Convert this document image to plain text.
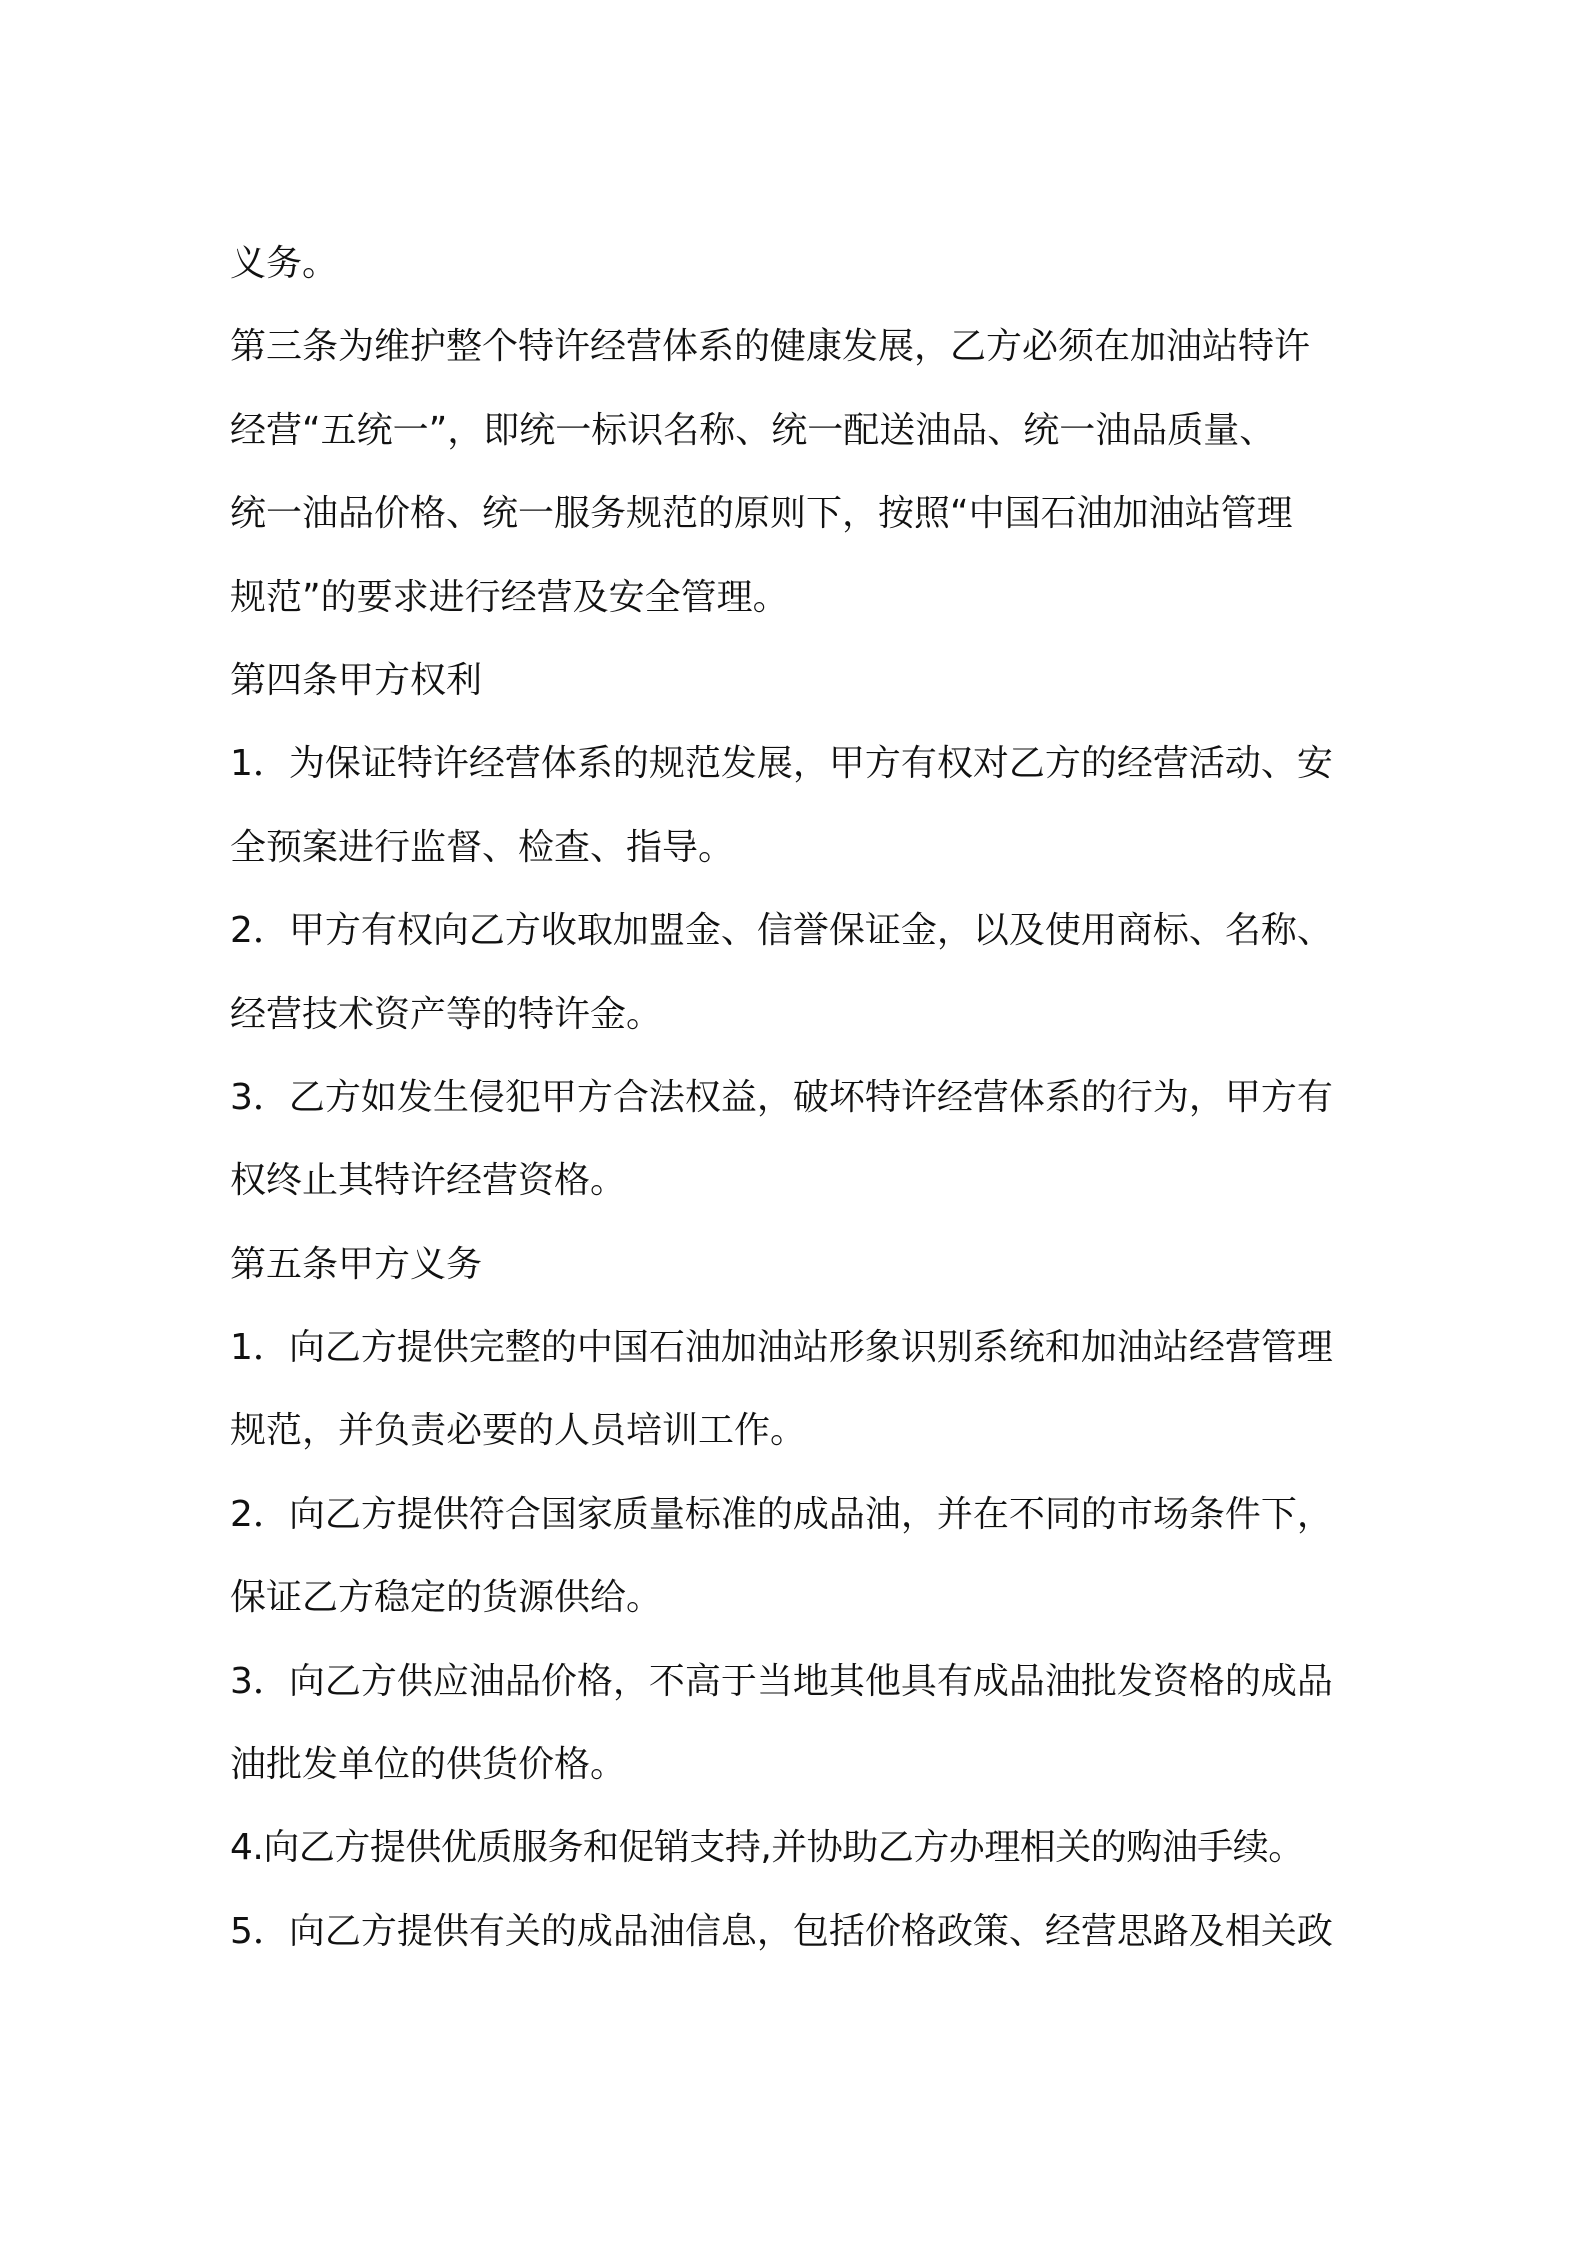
义务。
第三条为维护整个特许经营体系的健康发展，乙方必须在加油站特许
经营“五统一”，即统一标识名称、统一配送油品、统一油品质量、
统一油品价格、统一服务规范的原则下，按照“中国石油加油站管理
规范”的要求进行经营及安全管理。
第四条甲方权利
1．为保证特许经营体系的规范发展，甲方有权对乙方的经营活动、安
全预案进行监督、检查、指导。
2．甲方有权向乙方收取加盟金、信誉保证金，以及使用商标、名称、
经营技术资产等的特许金。
3．乙方如发生侵犯甲方合法权益，破坏特许经营体系的行为，甲方有
权终止其特许经营资格。
第五条甲方义务
1．向乙方提供完整的中国石油加油站形象识别系统和加油站经营管理
规范，并负责必要的人员培训工作。
2．向乙方提供符合国家质量标准的成品油，并在不同的市场条件下，
保证乙方稳定的货源供给。
3．向乙方供应油品价格，不高于当地其他具有成品油批发资格的成品
油批发单位的供货价格。
4.向乙方提供优质服务和促销支持,并协助乙方办理相关的购油手续。
5．向乙方提供有关的成品油信息，包括价格政策、经营思路及相关政
